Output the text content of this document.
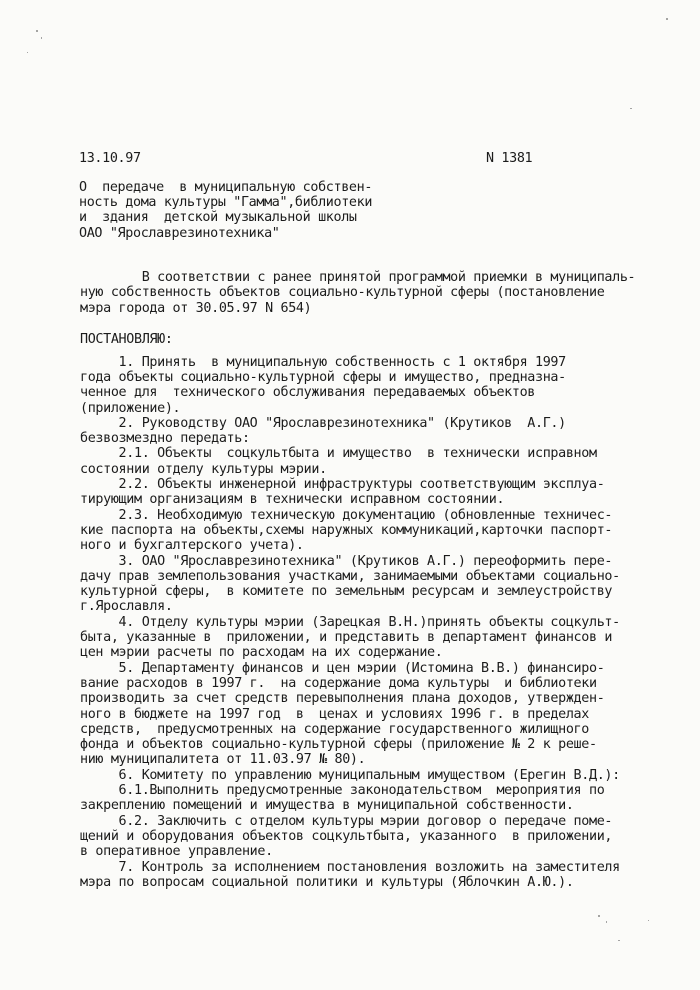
13.10.97	N 1381
О  передаче  в муниципальную собствен-
ность дома культуры "Гамма",библиотеки
и  здания  детской музыкальной школы
ОАО "Ярославрезинотехника"
В соответствии с ранее принятой программой приемки в муниципаль-
ную собственность объектов социально-культурной сферы (постановление
мэра города от 30.05.97 N 654)
ПОСТАНОВЛЯЮ:
1. Принять  в муниципальную собственность с 1 октября 1997
года объекты социально-культурной сферы и имущество, предназна-
ченное для  технического обслуживания передаваемых объектов
(приложение).
2. Руководству ОАО "Ярославрезинотехника" (Крутиков  А.Г.)
безвозмездно передать:
2.1. Объекты  соцкультбыта и имущество  в технически исправном
состоянии отделу культуры мэрии.
2.2. Объекты инженерной инфраструктуры соответствующим эксплуа-
тирующим организациям в технически исправном состоянии.
2.3. Необходимую техническую документацию (обновленные техничес-
кие паспорта на объекты,схемы наружных коммуникаций,карточки паспорт-
ного и бухгалтерского учета).
3. ОАО "Ярославрезинотехника" (Крутиков А.Г.) переоформить пере-
дачу прав землепользования участками, занимаемыми объектами социально-
культурной сферы,  в комитете по земельным ресурсам и землеустройству
г.Ярославля.
4. Отделу культуры мэрии (Зарецкая В.Н.)принять объекты соцкульт-
быта, указанные в  приложении, и представить в департамент финансов и
цен мэрии расчеты по расходам на их содержание.
5. Департаменту финансов и цен мэрии (Истомина В.В.) финансиро-
вание расходов в 1997 г.  на содержание дома культуры  и библиотеки
производить за счет средств перевыполнения плана доходов, утвержден-
ного в бюджете на 1997 год  в  ценах и условиях 1996 г. в пределах
средств,  предусмотренных на содержание государственного жилищного
фонда и объектов социально-культурной сферы (приложение № 2 к реше-
нию муниципалитета от 11.03.97 № 80).
6. Комитету по управлению муниципальным имуществом (Ерегин В.Д.):
6.1.Выполнить предусмотренные законодательством  мероприятия по
закреплению помещений и имущества в муниципальной собственности.
6.2. Заключить с отделом культуры мэрии договор о передаче поме-
щений и оборудования объектов соцкультбыта, указанного  в приложении,
в оперативное управление.
7. Контроль за исполнением постановления возложить на заместителя
мэра по вопросам социальной политики и культуры (Яблочкин А.Ю.).
